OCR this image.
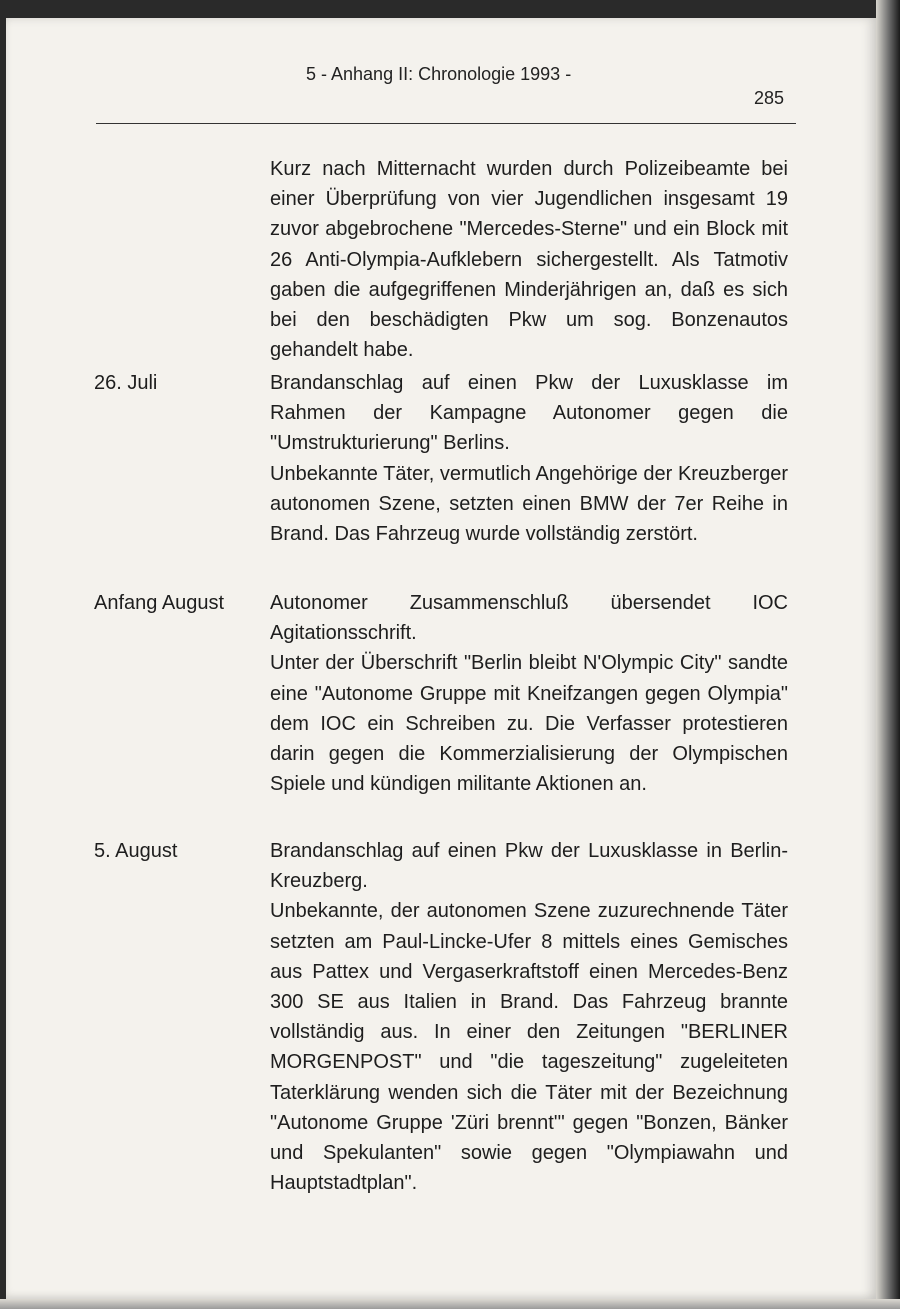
5 - Anhang II: Chronologie 1993 -
285

Kurz nach Mitternacht wurden durch Polizeibeamte bei einer Überprüfung von vier Jugendlichen insgesamt 19 zuvor abgebrochene "Mercedes-Sterne" und ein Block mit 26 Anti-Olympia-Aufklebern sichergestellt. Als Tatmotiv gaben die aufgegriffenen Minderjährigen an, daß es sich bei den beschädigten Pkw um sog. Bonzenautos gehandelt habe.

26. Juli	Brandanschlag auf einen Pkw der Luxusklasse im Rahmen der Kampagne Autonomer gegen die "Umstrukturierung" Berlins.

Unbekannte Täter, vermutlich Angehörige der Kreuzberger autonomen Szene, setzten einen BMW der 7er Reihe in Brand. Das Fahrzeug wurde vollständig zerstört.

Anfang August Autonomer Zusammenschluß übersendet IOC Agitationsschrift.

Unter der Überschrift "Berlin bleibt N'Olympic City" sandte eine "Autonome Gruppe mit Kneifzangen gegen Olympia" dem IOC ein Schreiben zu. Die Verfasser protestieren darin gegen die Kommerzialisierung der Olympischen Spiele und kündigen militante Aktionen an.

5. August	Brandanschlag auf einen Pkw der Luxusklasse in Berlin-Kreuzberg.

Unbekannte, der autonomen Szene zuzurechnende Täter setzten am Paul-Lincke-Ufer 8 mittels eines Gemisches aus Pattex und Vergaserkraftstoff einen Mercedes-Benz 300 SE aus Italien in Brand. Das Fahrzeug brannte vollständig aus. In einer den Zeitungen "BERLINER MORGENPOST" und "die tageszeitung" zugeleiteten Taterklärung wenden sich die Täter mit der Bezeichnung "Autonome Gruppe 'Züri brennt'" gegen "Bonzen, Bänker und Spekulanten" sowie gegen "Olympiawahn und Hauptstadtplan".
